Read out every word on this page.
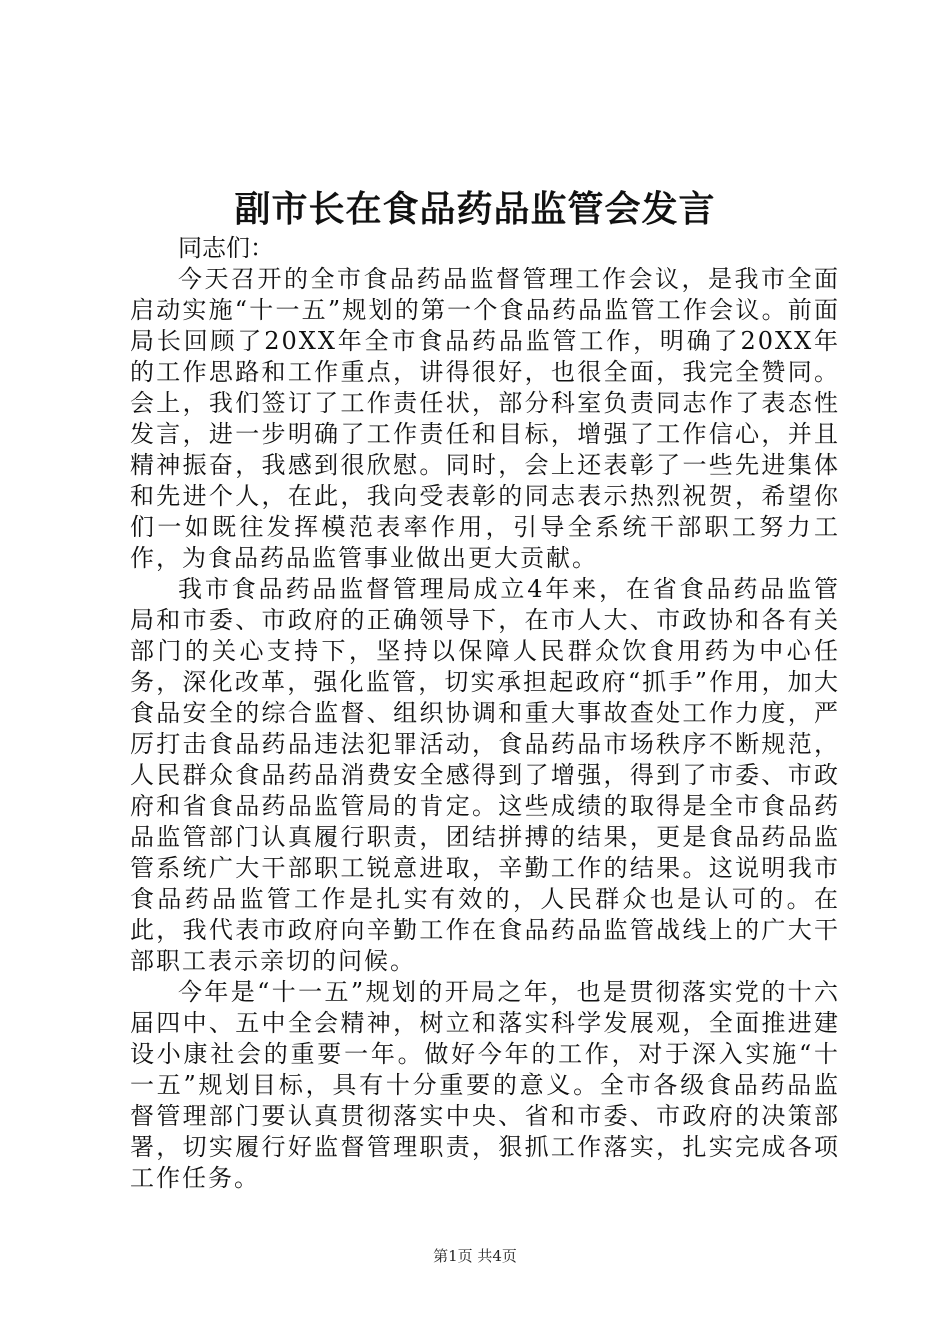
副市长在食品药品监管会发言

同志们：

今天召开的全市食品药品监督管理工作会议，是我市全面启动实施“十一五”规划的第一个食品药品监管工作会议。前面局长回顾了20XX年全市食品药品监管工作，明确了20XX年的工作思路和工作重点，讲得很好，也很全面，我完全赞同。会上，我们签订了工作责任状，部分科室负责同志作了表态性发言，进一步明确了工作责任和目标，增强了工作信心，并且精神振奋，我感到很欣慰。同时，会上还表彰了一些先进集体和先进个人，在此，我向受表彰的同志表示热烈祝贺，希望你们一如既往发挥模范表率作用，引导全系统干部职工努力工作，为食品药品监管事业做出更大贡献。

我市食品药品监督管理局成立4年来，在省食品药品监管局和市委、市政府的正确领导下，在市人大、市政协和各有关部门的关心支持下，坚持以保障人民群众饮食用药为中心任务，深化改革，强化监管，切实承担起政府“抓手”作用，加大食品安全的综合监督、组织协调和重大事故查处工作力度，严厉打击食品药品违法犯罪活动，食品药品市场秩序不断规范，人民群众食品药品消费安全感得到了增强，得到了市委、市政府和省食品药品监管局的肯定。这些成绩的取得是全市食品药品监管部门认真履行职责，团结拼搏的结果，更是食品药品监管系统广大干部职工锐意进取，辛勤工作的结果。这说明我市食品药品监管工作是扎实有效的，人民群众也是认可的。在此，我代表市政府向辛勤工作在食品药品监管战线上的广大干部职工表示亲切的问候。

今年是“十一五”规划的开局之年，也是贯彻落实党的十六届四中、五中全会精神，树立和落实科学发展观，全面推进建设小康社会的重要一年。做好今年的工作，对于深入实施“十一五”规划目标，具有十分重要的意义。全市各级食品药品监督管理部门要认真贯彻落实中央、省和市委、市政府的决策部署，切实履行好监督管理职责，狠抓工作落实，扎实完成各项工作任务。

第1页 共4页
